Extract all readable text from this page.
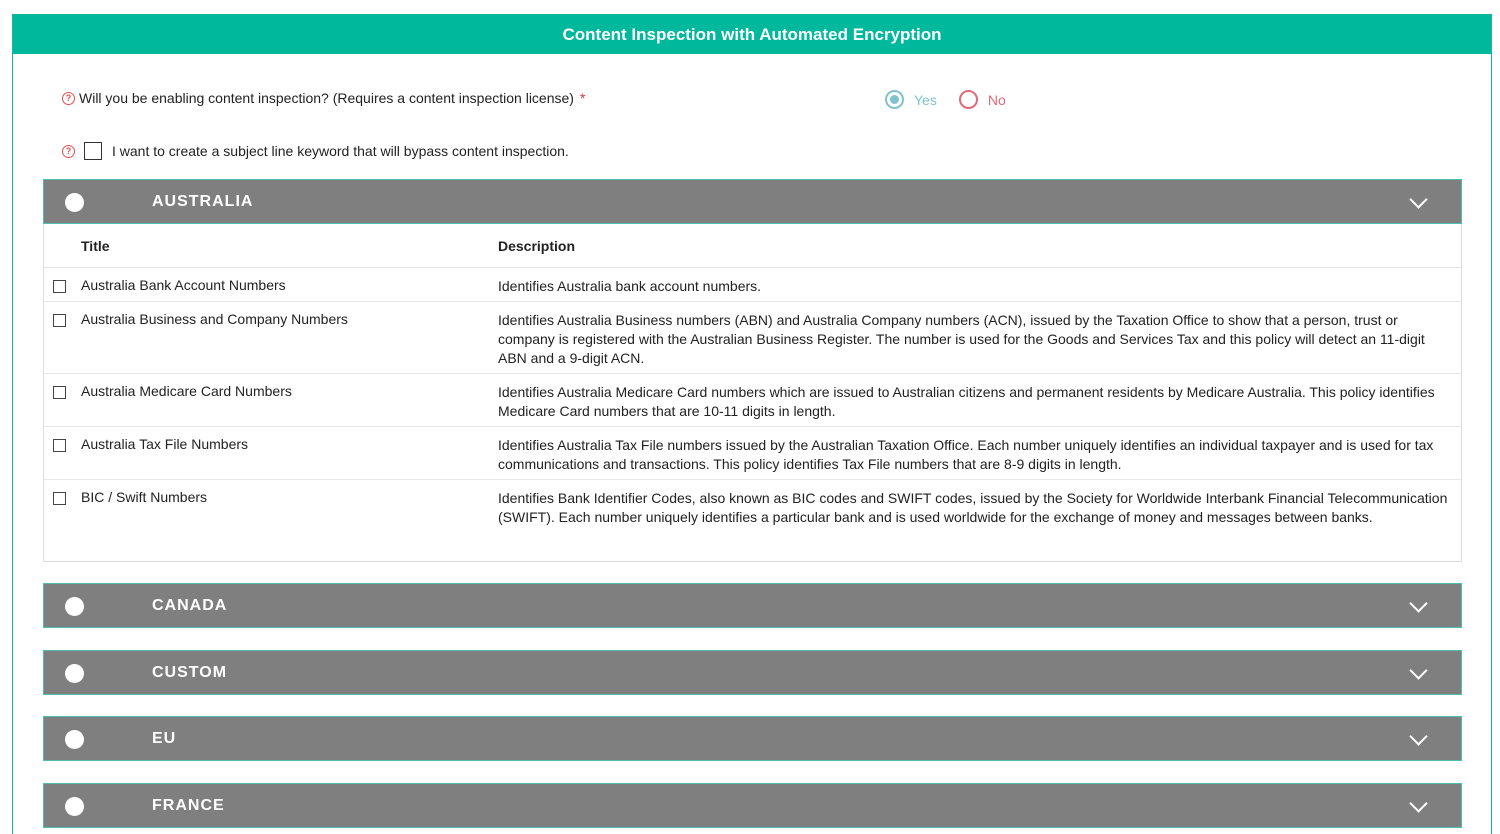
Content Inspection with Automated Encryption
? Will you be enabling content inspection? (Requires a content inspection license) *	Yes	No
?	I want to create a subject line keyword that will bypass content inspection.
AUSTRALIA
Title	Description
Australia Bank Account Numbers	Identifies Australia bank account numbers.
Australia Business and Company Numbers	Identifies Australia Business numbers (ABN) and Australia Company numbers (ACN), issued by the Taxation Office to show that a person, trust or company is registered with the Australian Business Register. The number is used for the Goods and Services Tax and this policy will detect an 11-digit ABN and a 9-digit ACN.
Australia Medicare Card Numbers	Identifies Australia Medicare Card numbers which are issued to Australian citizens and permanent residents by Medicare Australia. This policy identifies Medicare Card numbers that are 10-11 digits in length.
Australia Tax File Numbers	Identifies Australia Tax File numbers issued by the Australian Taxation Office. Each number uniquely identifies an individual taxpayer and is used for tax communications and transactions. This policy identifies Tax File numbers that are 8-9 digits in length.
BIC / Swift Numbers	Identifies Bank Identifier Codes, also known as BIC codes and SWIFT codes, issued by the Society for Worldwide Interbank Financial Telecommunication (SWIFT). Each number uniquely identifies a particular bank and is used worldwide for the exchange of money and messages between banks.
CANADA
CUSTOM
EU
FRANCE
